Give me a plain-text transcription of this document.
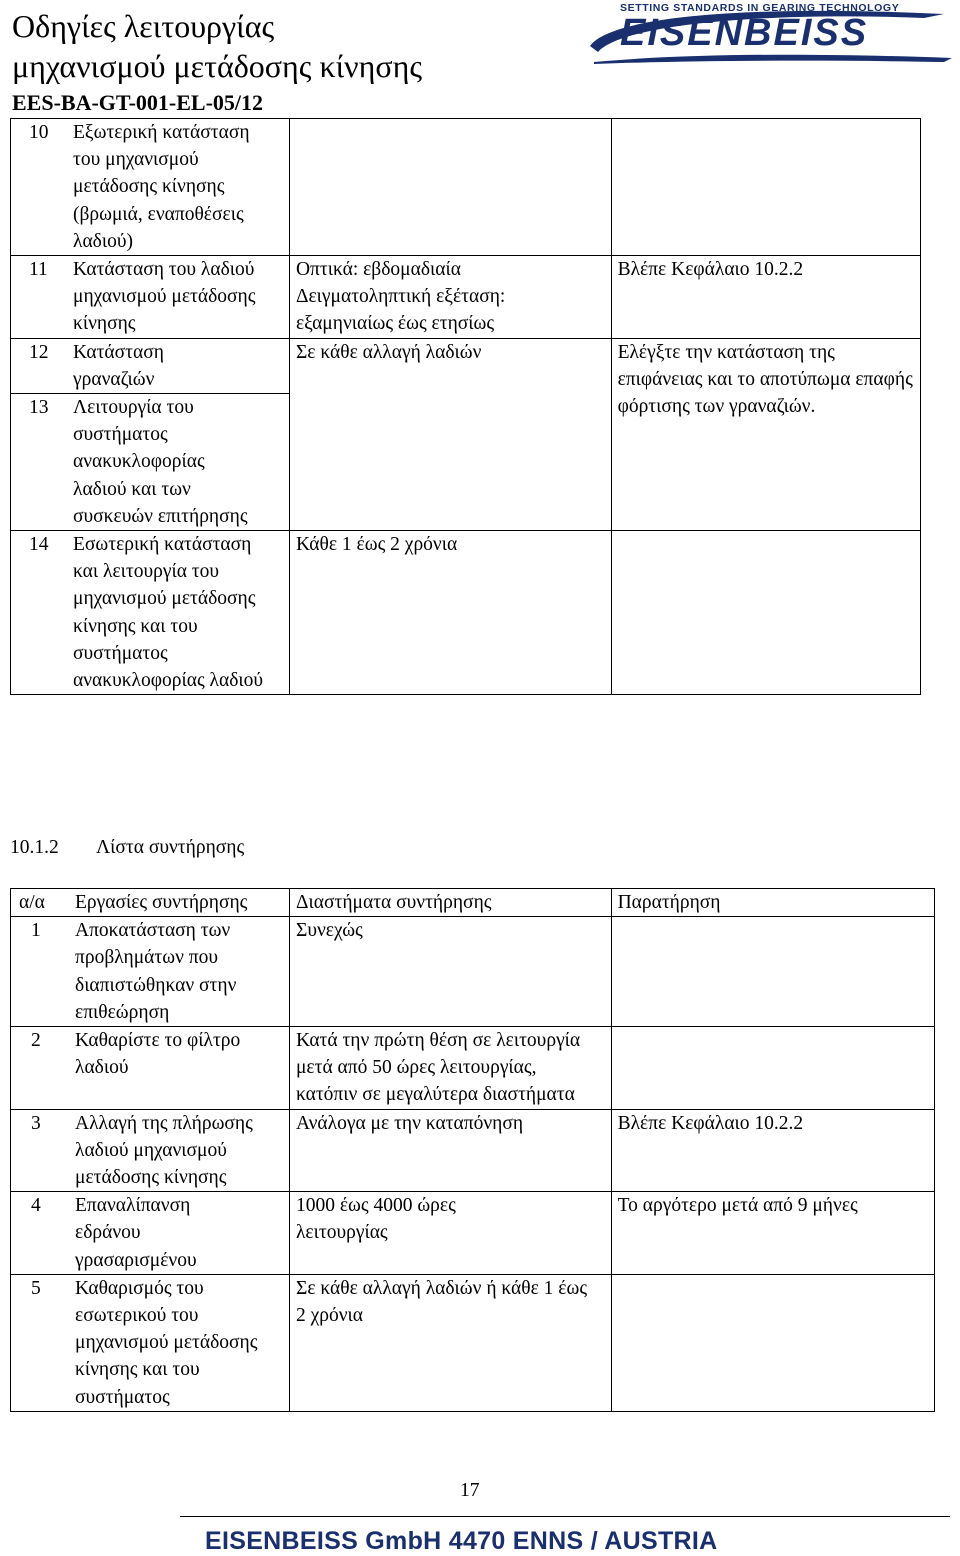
Οδηγίες λειτουργίας
μηχανισμού μετάδοσης κίνησης
EES-BA-GT-001-EL-05/12
SETTING STANDARDS IN GEARING TECHNOLOGY
EISENBEISS
10 Εξωτερική κατάσταση του μηχανισμού μετάδοσης κίνησης (βρωμιά, εναποθέσεις λαδιού)		

11 Κατάσταση του λαδιού μηχανισμού μετάδοσης κίνησης	Οπτικά: εβδομαδιαία Δειγματοληπτική εξέταση: εξαμηνιαίως έως ετησίως	Βλέπε Κεφάλαιο 10.2.2

12 Κατάσταση γραναζιών	Σε κάθε αλλαγή λαδιών	Ελέγξτε την κατάσταση της επιφάνειας και το αποτύπωμα επαφής φόρτισης των γραναζιών.

13 Λειτουργία του συστήματος ανακυκλοφορίας λαδιού και των συσκευών επιτήρησης		

14 Εσωτερική κατάσταση και λειτουργία του μηχανισμού μετάδοσης κίνησης και του συστήματος ανακυκλοφορίας λαδιού	Κάθε 1 έως 2 χρόνια	
10.1.2 Λίστα συντήρησης
α/α Εργασίες συντήρησης	Διαστήματα συντήρησης	Παρατήρηση

1 Αποκατάσταση των προβλημάτων που διαπιστώθηκαν στην επιθεώρηση	Συνεχώς	

2 Καθαρίστε το φίλτρο λαδιού	Κατά την πρώτη θέση σε λειτουργία μετά από 50 ώρες λειτουργίας, κατόπιν σε μεγαλύτερα διαστήματα	

3 Αλλαγή της πλήρωσης λαδιού μηχανισμού μετάδοσης κίνησης	Ανάλογα με την καταπόνηση	Βλέπε Κεφάλαιο 10.2.2

4 Επαναλίπανση εδράνου γρασαρισμένου	1000 έως 4000 ώρες λειτουργίας	Το αργότερο μετά από 9 μήνες

5 Καθαρισμός του εσωτερικού του μηχανισμού μετάδοσης κίνησης και του συστήματος	Σε κάθε αλλαγή λαδιών ή κάθε 1 έως 2 χρόνια	
17
EISENBEISS GmbH 4470 ENNS / AUSTRIA
